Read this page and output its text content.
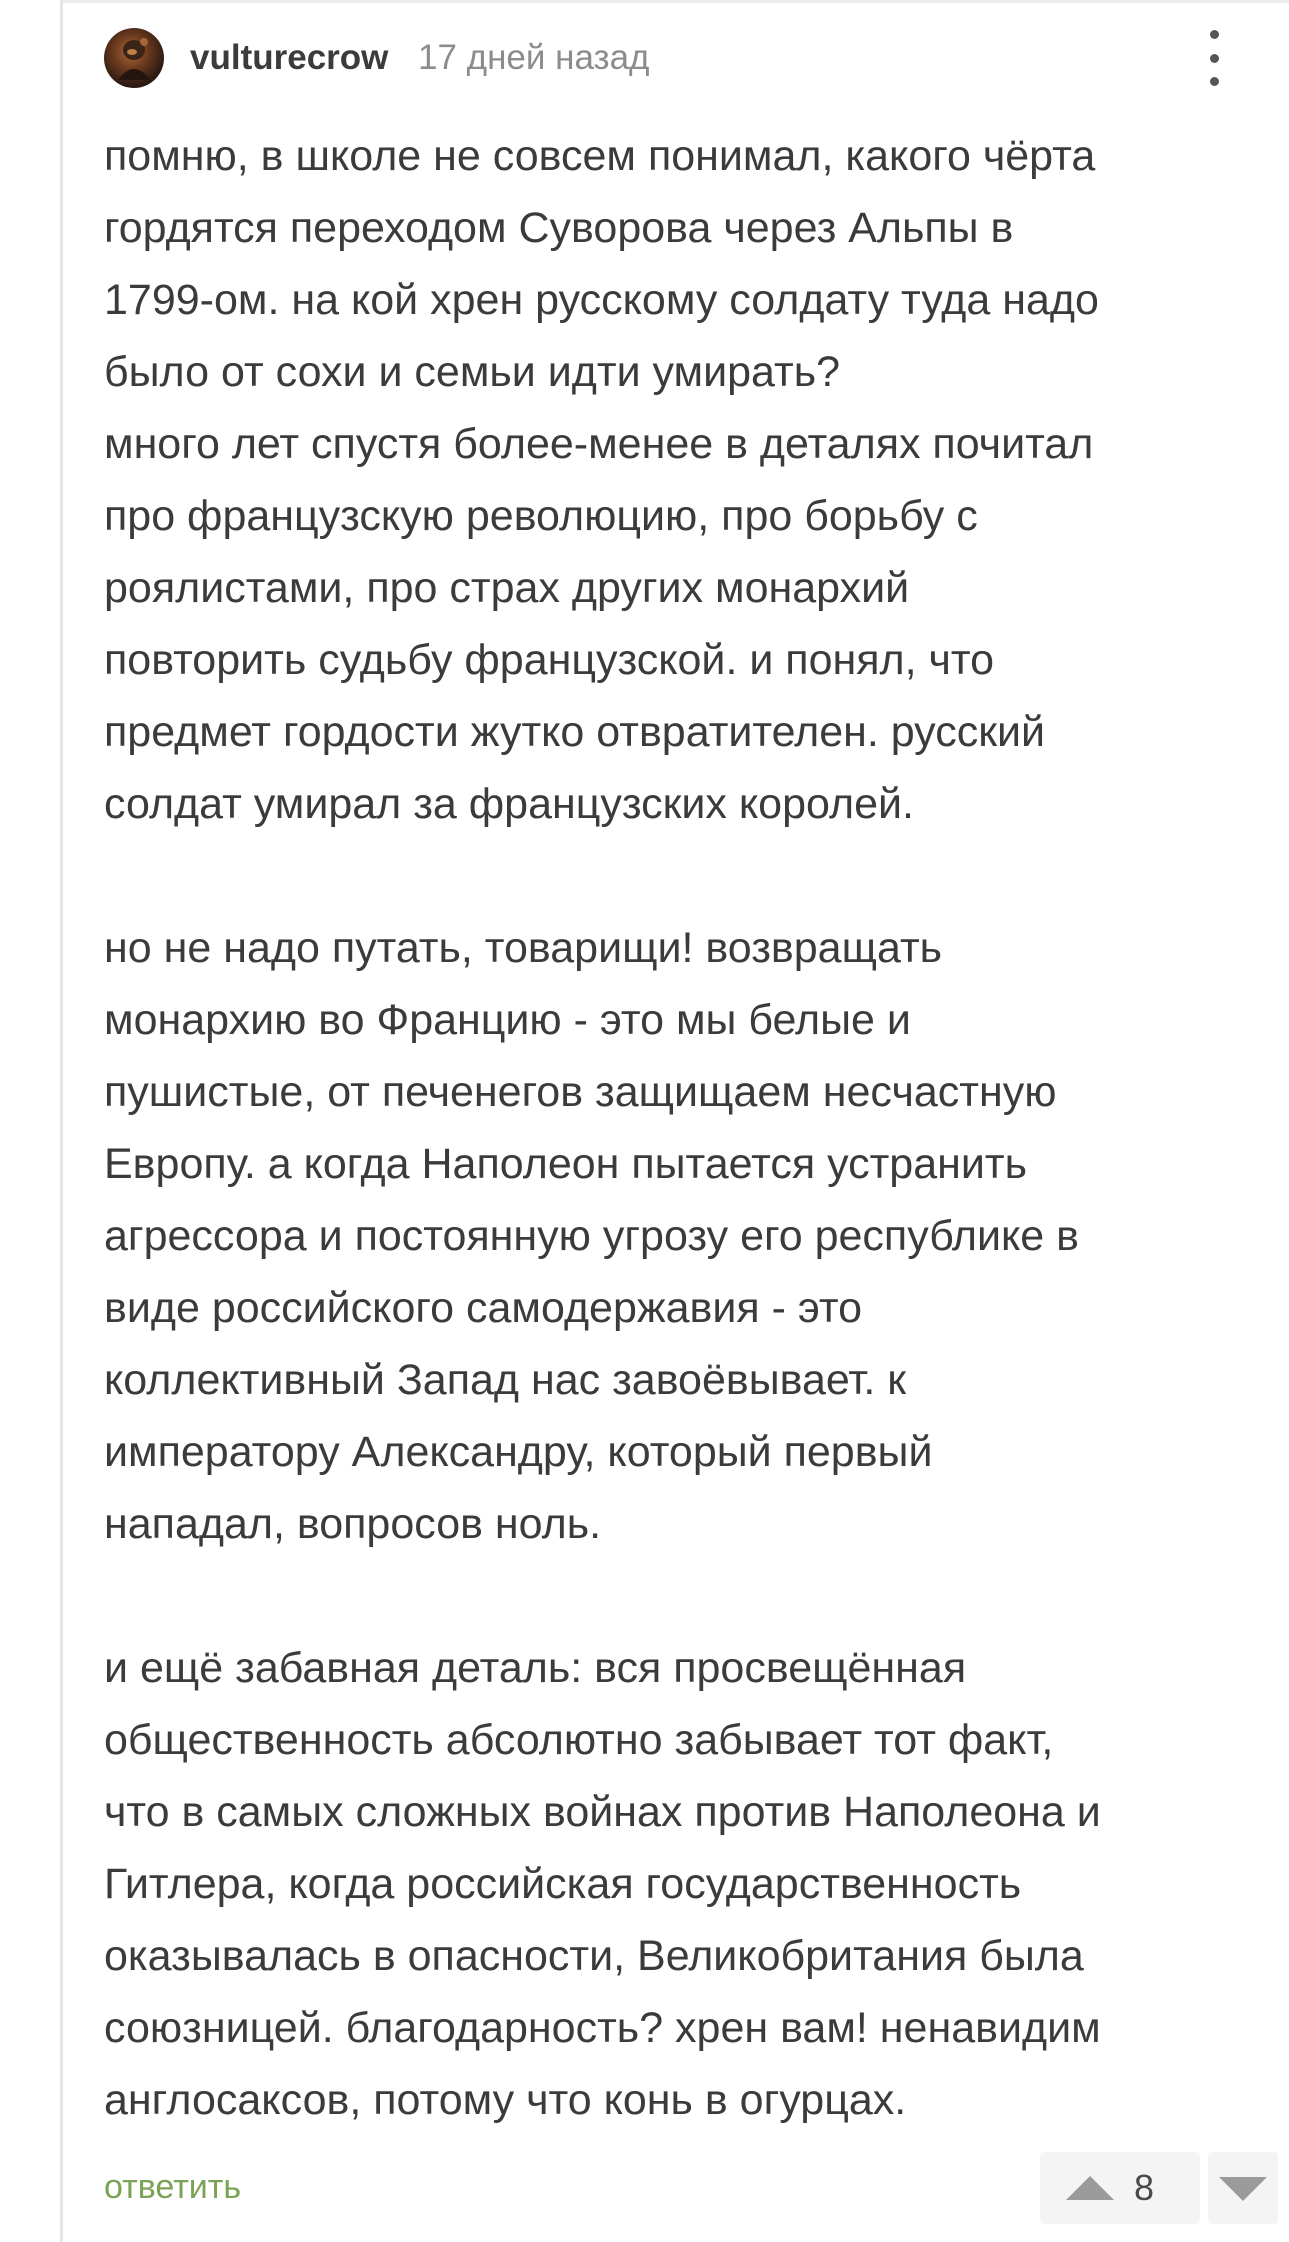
vulturecrow 17 дней назад

помню, в школе не совсем понимал, какого чёрта
гордятся переходом Суворова через Альпы в
1799-ом. на кой хрен русскому солдату туда надо
было от сохи и семьи идти умирать?
много лет спустя более-менее в деталях почитал
про французскую революцию, про борьбу с
роялистами, про страх других монархий
повторить судьбу французской. и понял, что
предмет гордости жутко отвратителен. русский
солдат умирал за французских королей.

но не надо путать, товарищи! возвращать
монархию во Францию - это мы белые и
пушистые, от печенегов защищаем несчастную
Европу. а когда Наполеон пытается устранить
агрессора и постоянную угрозу его республике в
виде российского самодержавия - это
коллективный Запад нас завоёвывает. к
императору Александру, который первый
нападал, вопросов ноль.

и ещё забавная деталь: вся просвещённая
общественность абсолютно забывает тот факт,
что в самых сложных войнах против Наполеона и
Гитлера, когда российская государственность
оказывалась в опасности, Великобритания была
союзницей. благодарность? хрен вам! ненавидим
англосаксов, потому что конь в огурцах.

ответить	8
